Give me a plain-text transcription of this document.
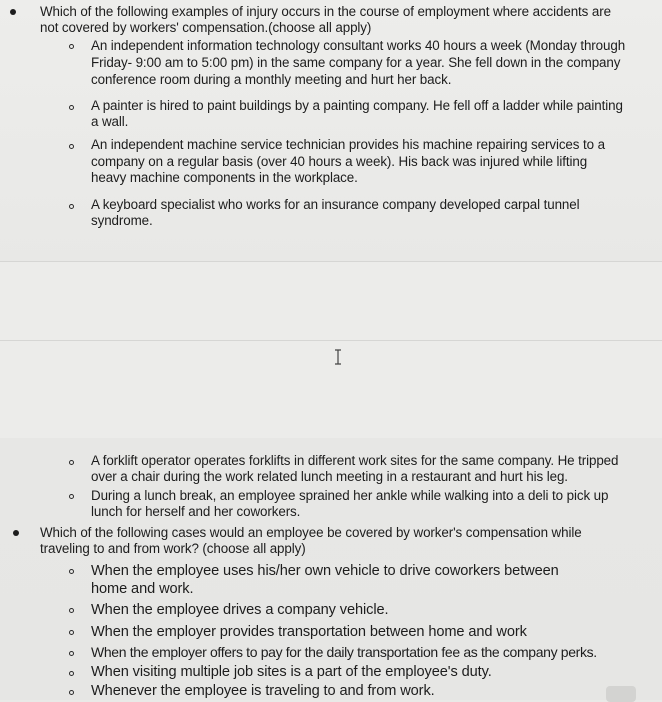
Which of the following examples of injury occurs in the course of employment where accidents are
not covered by workers' compensation.(choose all apply)
An independent information technology consultant works 40 hours a week (Monday through
Friday- 9:00 am to 5:00 pm) in the same company for a year. She fell down in the company
conference room during a monthly meeting and hurt her back.
A painter is hired to paint buildings by a painting company. He fell off a ladder while painting
a wall.
An independent machine service technician provides his machine repairing services to a
company on a regular basis (over 40 hours a week). His back was injured while lifting
heavy machine components in the workplace.
A keyboard specialist who works for an insurance company developed carpal tunnel
syndrome.
A forklift operator operates forklifts in different work sites for the same company. He tripped
over a chair during the work related lunch meeting in a restaurant and hurt his leg.
During a lunch break, an employee sprained her ankle while walking into a deli to pick up
lunch for herself and her coworkers.
Which of the following cases would an employee be covered by worker's compensation while
traveling to and from work? (choose all apply)
When the employee uses his/her own vehicle to drive coworkers between
home and work.
When the employee drives a company vehicle.
When the employer provides transportation between home and work
When the employer offers to pay for the daily transportation fee as the company perks.
When visiting multiple job sites is a part of the employee's duty.
Whenever the employee is traveling to and from work.
